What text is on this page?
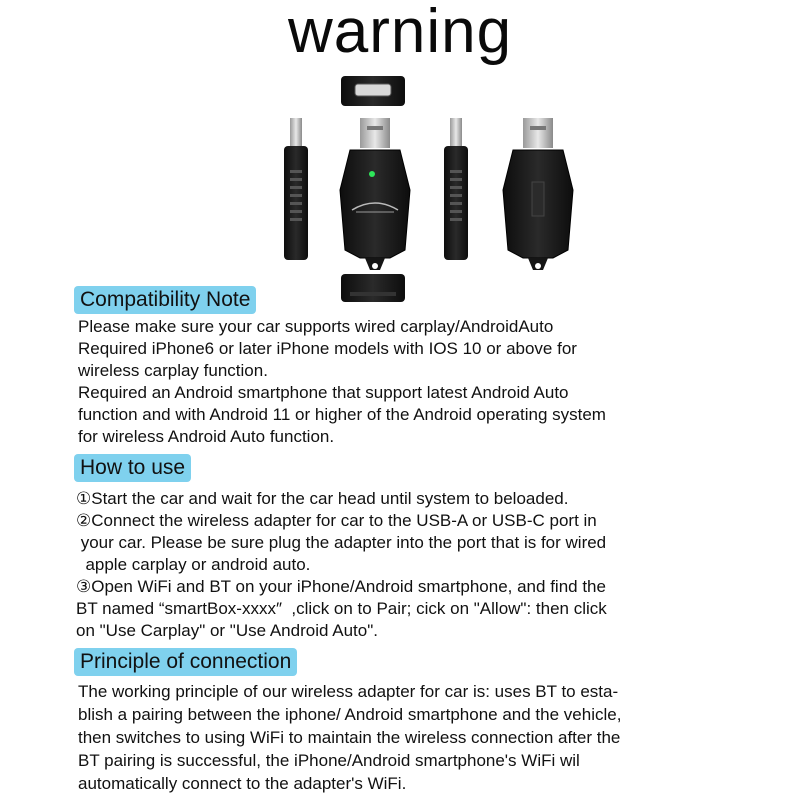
warning
Compatibility Note
Please make sure your car supports wired carplay/AndroidAuto
Required iPhone6 or later iPhone models with IOS 10 or above for
wireless carplay function.
Required an Android smartphone that support latest Android Auto
function and with Android 11 or higher of the Android operating system
for wireless Android Auto function.
How to use
①Start the car and wait for the car head until system to beloaded.
②Connect the wireless adapter for car to the USB-A or USB-C port in
your car. Please be sure plug the adapter into the port that is for wired
apple carplay or android auto.
③Open WiFi and BT on your iPhone/Android smartphone, and find the
BT named “smartBox-xxxx″  ,click on to Pair; cick on "Allow": then click
on "Use Carplay" or "Use Android Auto".
Principle of connection
The working principle of our wireless adapter for car is: uses BT to esta-
blish a pairing between the iphone/ Android smartphone and the vehicle,
then switches to using WiFi to maintain the wireless connection after the
BT pairing is successful, the iPhone/Android smartphone's WiFi wil
automatically connect to the adapter's WiFi.
